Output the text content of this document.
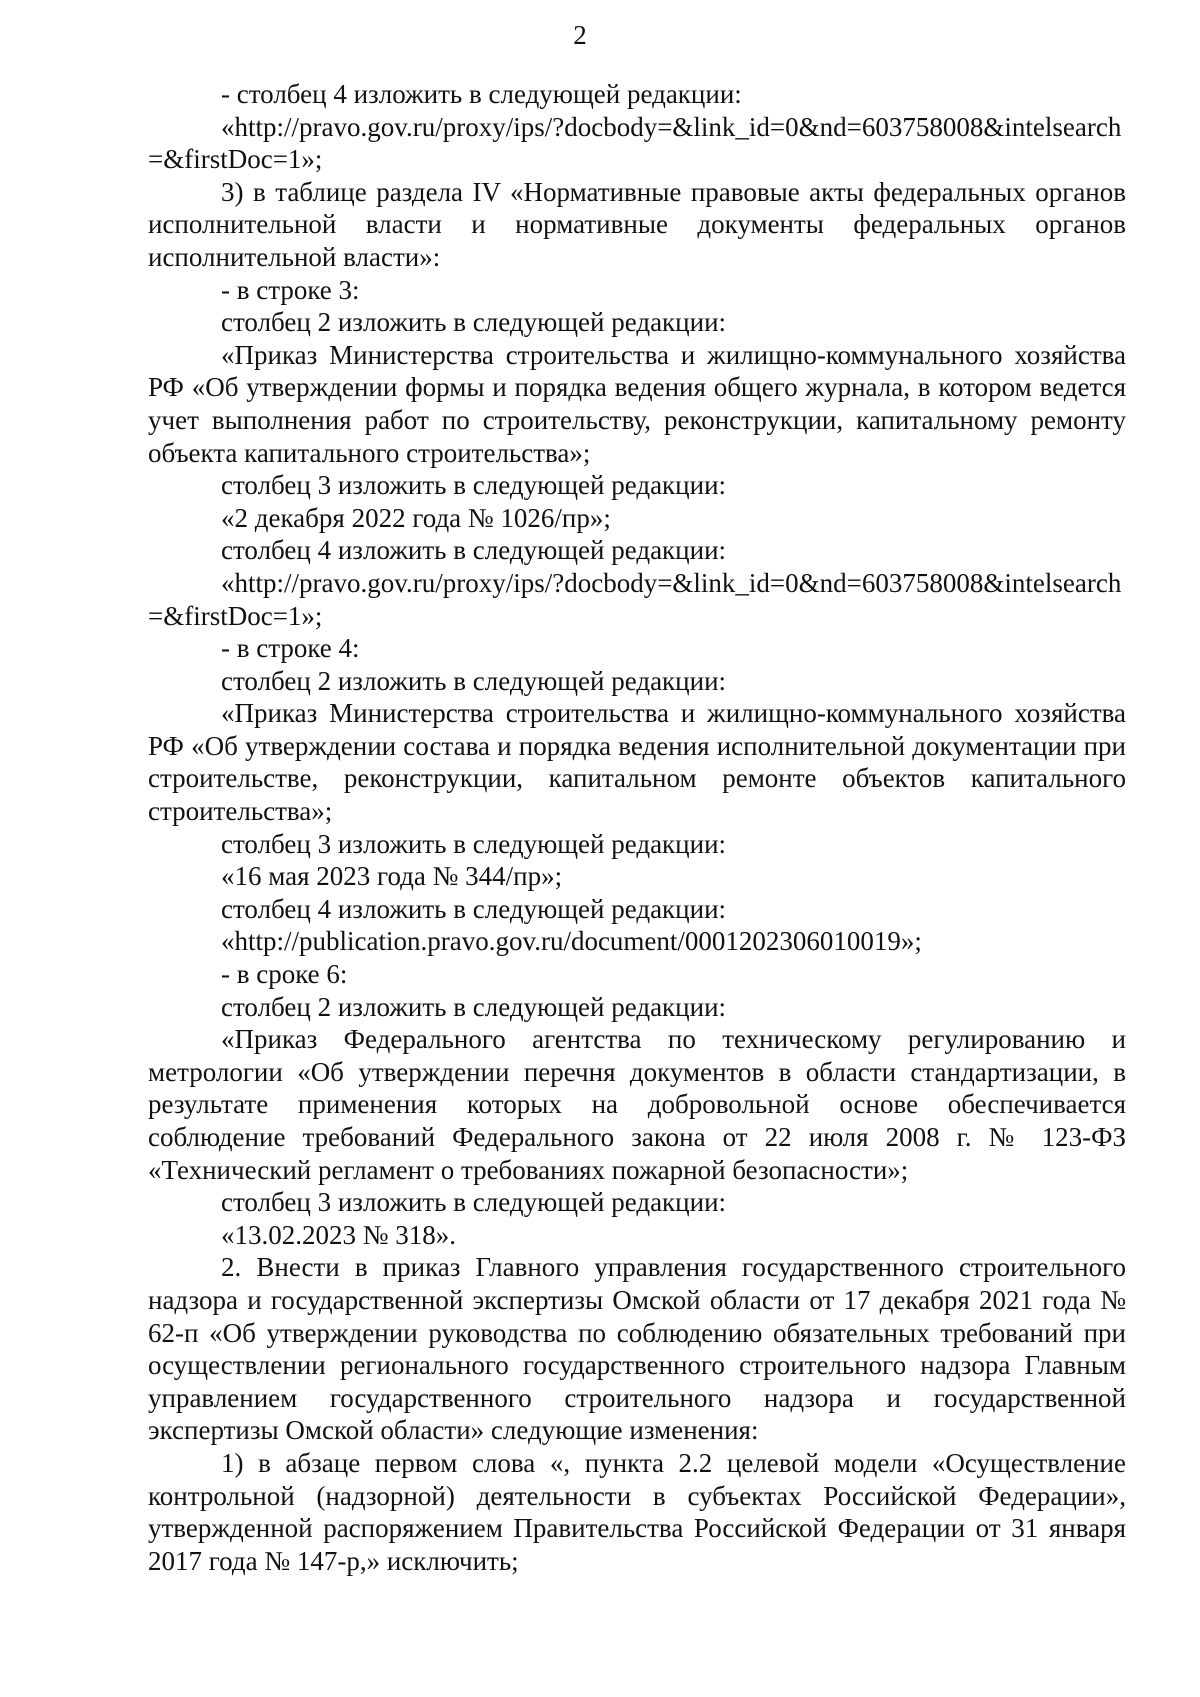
2

- столбец 4 изложить в следующей редакции:

«http://pravo.gov.ru/proxy/ips/?docbody=&link_id=0&nd=603758008&intelsearch=&firstDoc=1»;

3) в таблице раздела IV «Нормативные правовые акты федеральных органов исполнительной власти и нормативные документы федеральных органов исполнительной власти»:

- в строке 3:

столбец 2 изложить в следующей редакции:

«Приказ Министерства строительства и жилищно-коммунального хозяйства РФ «Об утверждении формы и порядка ведения общего журнала, в котором ведется учет выполнения работ по строительству, реконструкции, капитальному ремонту объекта капитального строительства»;

столбец 3 изложить в следующей редакции:

«2 декабря 2022 года № 1026/пр»;

столбец 4 изложить в следующей редакции:

«http://pravo.gov.ru/proxy/ips/?docbody=&link_id=0&nd=603758008&intelsearch=&firstDoc=1»;

- в строке 4:

столбец 2 изложить в следующей редакции:

«Приказ Министерства строительства и жилищно-коммунального хозяйства РФ «Об утверждении состава и порядка ведения исполнительной документации при строительстве, реконструкции, капитальном ремонте объектов капитального строительства»;

столбец 3 изложить в следующей редакции:

«16 мая 2023 года № 344/пр»;

столбец 4 изложить в следующей редакции:

«http://publication.pravo.gov.ru/document/0001202306010019»;

- в сроке 6:

столбец 2 изложить в следующей редакции:

«Приказ Федерального агентства по техническому регулированию и метрологии «Об утверждении перечня документов в области стандартизации, в результате применения которых на добровольной основе обеспечивается соблюдение требований Федерального закона от 22 июля 2008 г. № 123-ФЗ «Технический регламент о требованиях пожарной безопасности»;

столбец 3 изложить в следующей редакции:

«13.02.2023 № 318».

2. Внести в приказ Главного управления государственного строительного надзора и государственной экспертизы Омской области от 17 декабря 2021 года № 62-п «Об утверждении руководства по соблюдению обязательных требований при осуществлении регионального государственного строительного надзора Главным управлением государственного строительного надзора и государственной экспертизы Омской области» следующие изменения:

1) в абзаце первом слова «, пункта 2.2 целевой модели «Осуществление контрольной (надзорной) деятельности в субъектах Российской Федерации», утвержденной распоряжением Правительства Российской Федерации от 31 января 2017 года № 147-р,» исключить;
